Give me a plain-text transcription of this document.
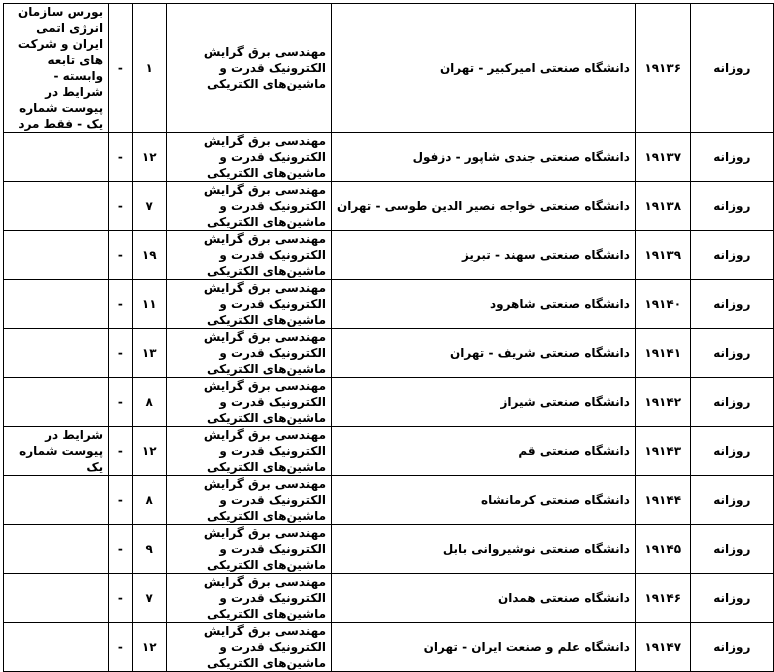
روزانه	۱۹۱۳۶	دانشگاه صنعتی امیرکبیر - تهران	مهندسی برق گرایش الکترونیک قدرت و ماشین‌های الکتریکی	۱	-	بورس سازمان انرژی اتمی ایران و شرکت های تابعه وابسته - شرایط در پیوست شماره یک - فقط مرد
روزانه	۱۹۱۳۷	دانشگاه صنعتی جندی شاپور - دزفول	مهندسی برق گرایش الکترونیک قدرت و ماشین‌های الکتریکی	۱۲	-	
روزانه	۱۹۱۳۸	دانشگاه صنعتی خواجه نصیر الدین طوسی - تهران	مهندسی برق گرایش الکترونیک قدرت و ماشین‌های الکتریکی	۷	-	
روزانه	۱۹۱۳۹	دانشگاه صنعتی سهند - تبریز	مهندسی برق گرایش الکترونیک قدرت و ماشین‌های الکتریکی	۱۹	-	
روزانه	۱۹۱۴۰	دانشگاه صنعتی شاهرود	مهندسی برق گرایش الکترونیک قدرت و ماشین‌های الکتریکی	۱۱	-	
روزانه	۱۹۱۴۱	دانشگاه صنعتی شریف - تهران	مهندسی برق گرایش الکترونیک قدرت و ماشین‌های الکتریکی	۱۳	-	
روزانه	۱۹۱۴۲	دانشگاه صنعتی شیراز	مهندسی برق گرایش الکترونیک قدرت و ماشین‌های الکتریکی	۸	-	
روزانه	۱۹۱۴۳	دانشگاه صنعتی قم	مهندسی برق گرایش الکترونیک قدرت و ماشین‌های الکتریکی	۱۲	-	شرایط در پیوست شماره یک
روزانه	۱۹۱۴۴	دانشگاه صنعتی کرمانشاه	مهندسی برق گرایش الکترونیک قدرت و ماشین‌های الکتریکی	۸	-	
روزانه	۱۹۱۴۵	دانشگاه صنعتی نوشیروانی بابل	مهندسی برق گرایش الکترونیک قدرت و ماشین‌های الکتریکی	۹	-	
روزانه	۱۹۱۴۶	دانشگاه صنعتی همدان	مهندسی برق گرایش الکترونیک قدرت و ماشین‌های الکتریکی	۷	-	
روزانه	۱۹۱۴۷	دانشگاه علم و صنعت ایران - تهران	مهندسی برق گرایش الکترونیک قدرت و ماشین‌های الکتریکی	۱۲	-	
